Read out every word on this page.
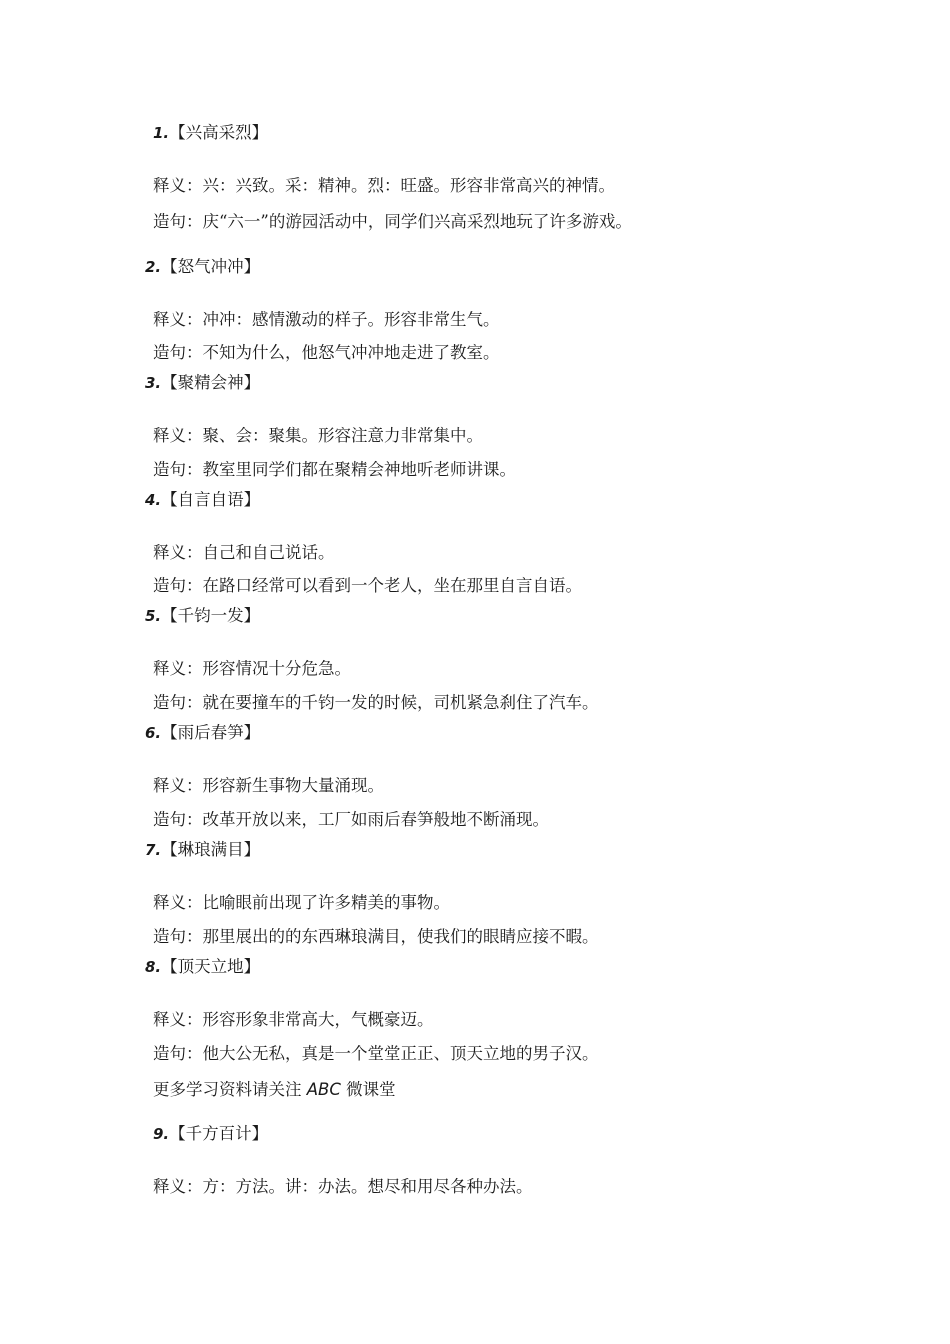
1.【兴高采烈】
释义：兴：兴致。采：精神。烈：旺盛。形容非常高兴的神情。
造句：庆“六一”的游园活动中，同学们兴高采烈地玩了许多游戏。
2.【怒气冲冲】
释义：冲冲：感情激动的样子。形容非常生气。
造句：不知为什么，他怒气冲冲地走进了教室。
3.【聚精会神】
释义：聚、会：聚集。形容注意力非常集中。
造句：教室里同学们都在聚精会神地听老师讲课。
4.【自言自语】
释义：自己和自己说话。
造句：在路口经常可以看到一个老人，坐在那里自言自语。
5.【千钧一发】
释义：形容情况十分危急。
造句：就在要撞车的千钧一发的时候，司机紧急刹住了汽车。
6.【雨后春笋】
释义：形容新生事物大量涌现。
造句：改革开放以来，工厂如雨后春笋般地不断涌现。
7.【琳琅满目】
释义：比喻眼前出现了许多精美的事物。
造句：那里展出的的东西琳琅满目，使我们的眼睛应接不暇。
8.【顶天立地】
释义：形容形象非常高大，气概豪迈。
造句：他大公无私，真是一个堂堂正正、顶天立地的男子汉。
更多学习资料请关注 ABC 微课堂
9.【千方百计】
释义：方：方法。讲：办法。想尽和用尽各种办法。
